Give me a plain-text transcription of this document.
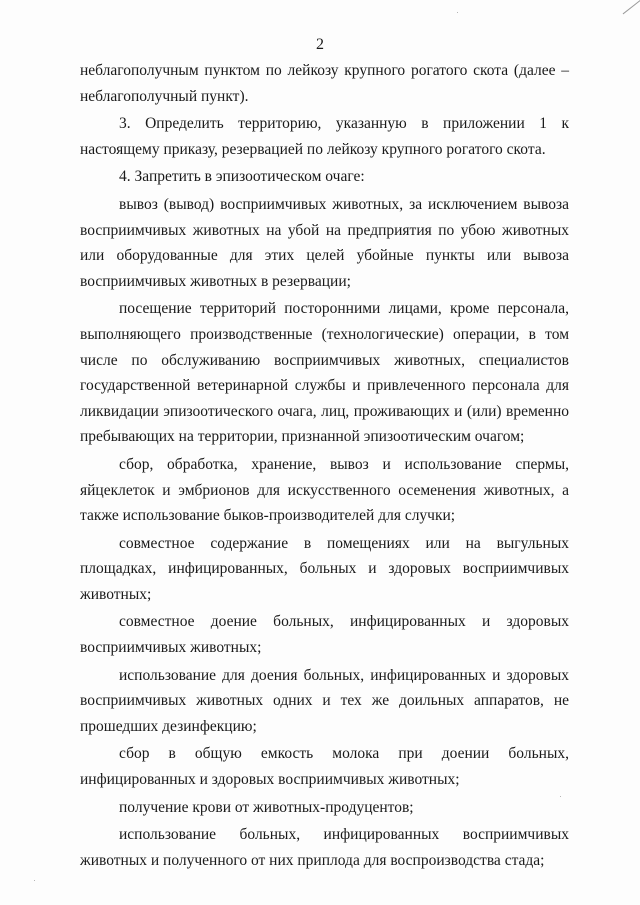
2

неблагополучным пунктом по лейкозу крупного рогатого скота (далее – неблагополучный пункт).

3. Определить территорию, указанную в приложении 1 к настоящему приказу, резервацией по лейкозу крупного рогатого скота.

4. Запретить в эпизоотическом очаге:

вывоз (вывод) восприимчивых животных, за исключением вывоза восприимчивых животных на убой на предприятия по убою животных или оборудованные для этих целей убойные пункты или вывоза восприимчивых животных в резервации;

посещение территорий посторонними лицами, кроме персонала, выполняющего производственные (технологические) операции, в том числе по обслуживанию восприимчивых животных, специалистов государственной ветеринарной службы и привлеченного персонала для ликвидации эпизоотического очага, лиц, проживающих и (или) временно пребывающих на территории, признанной эпизоотическим очагом;

сбор, обработка, хранение, вывоз и использование спермы, яйцеклеток и эмбрионов для искусственного осеменения животных, а также использование быков-производителей для случки;

совместное содержание в помещениях или на выгульных площадках, инфицированных, больных и здоровых восприимчивых животных;

совместное доение больных, инфицированных и здоровых восприимчивых животных;

использование для доения больных, инфицированных и здоровых восприимчивых животных одних и тех же доильных аппаратов, не прошедших дезинфекцию;

сбор в общую емкость молока при доении больных, инфицированных и здоровых восприимчивых животных;

получение крови от животных-продуцентов;

использование больных, инфицированных восприимчивых животных и полученного от них приплода для воспроизводства стада;
